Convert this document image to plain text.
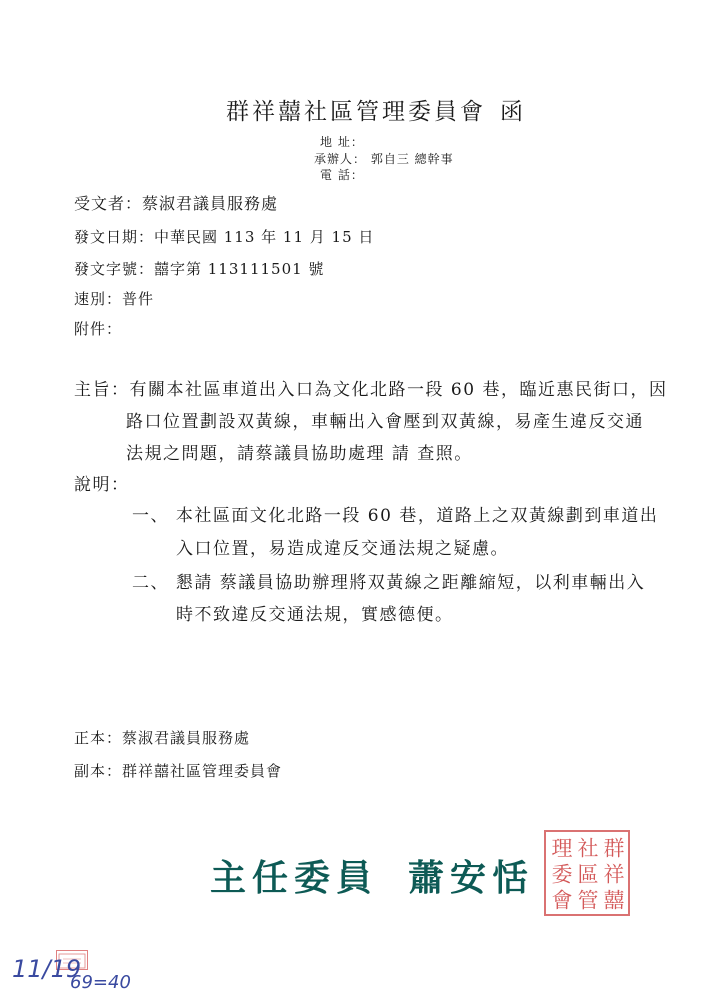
群祥囍社區管理委員會 函
地 址：
承辦人： 郭自三 總幹事
電 話：
受文者：蔡淑君議員服務處
發文日期：中華民國 113 年 11 月 15 日
發文字號：囍字第 113111501 號
速別：普件
附件：
主旨：有關本社區車道出入口為文化北路一段 60 巷，臨近惠民街口，因
路口位置劃設双黃線，車輛出入會壓到双黃線，易產生違反交通
法規之問題，請蔡議員協助處理 請 查照。
說明：
一、 本社區面文化北路一段 60 巷，道路上之双黃線劃到車道出
入口位置，易造成違反交通法規之疑慮。
二、 懇請 蔡議員協助辦理將双黃線之距離縮短，以利車輛出入
時不致違反交通法規，實感德便。
正本：蔡淑君議員服務處
副本：群祥囍社區管理委員會
主任委員 蕭安恬
群
祥
囍
社
區
管
理
委
會
11/19
69=40
